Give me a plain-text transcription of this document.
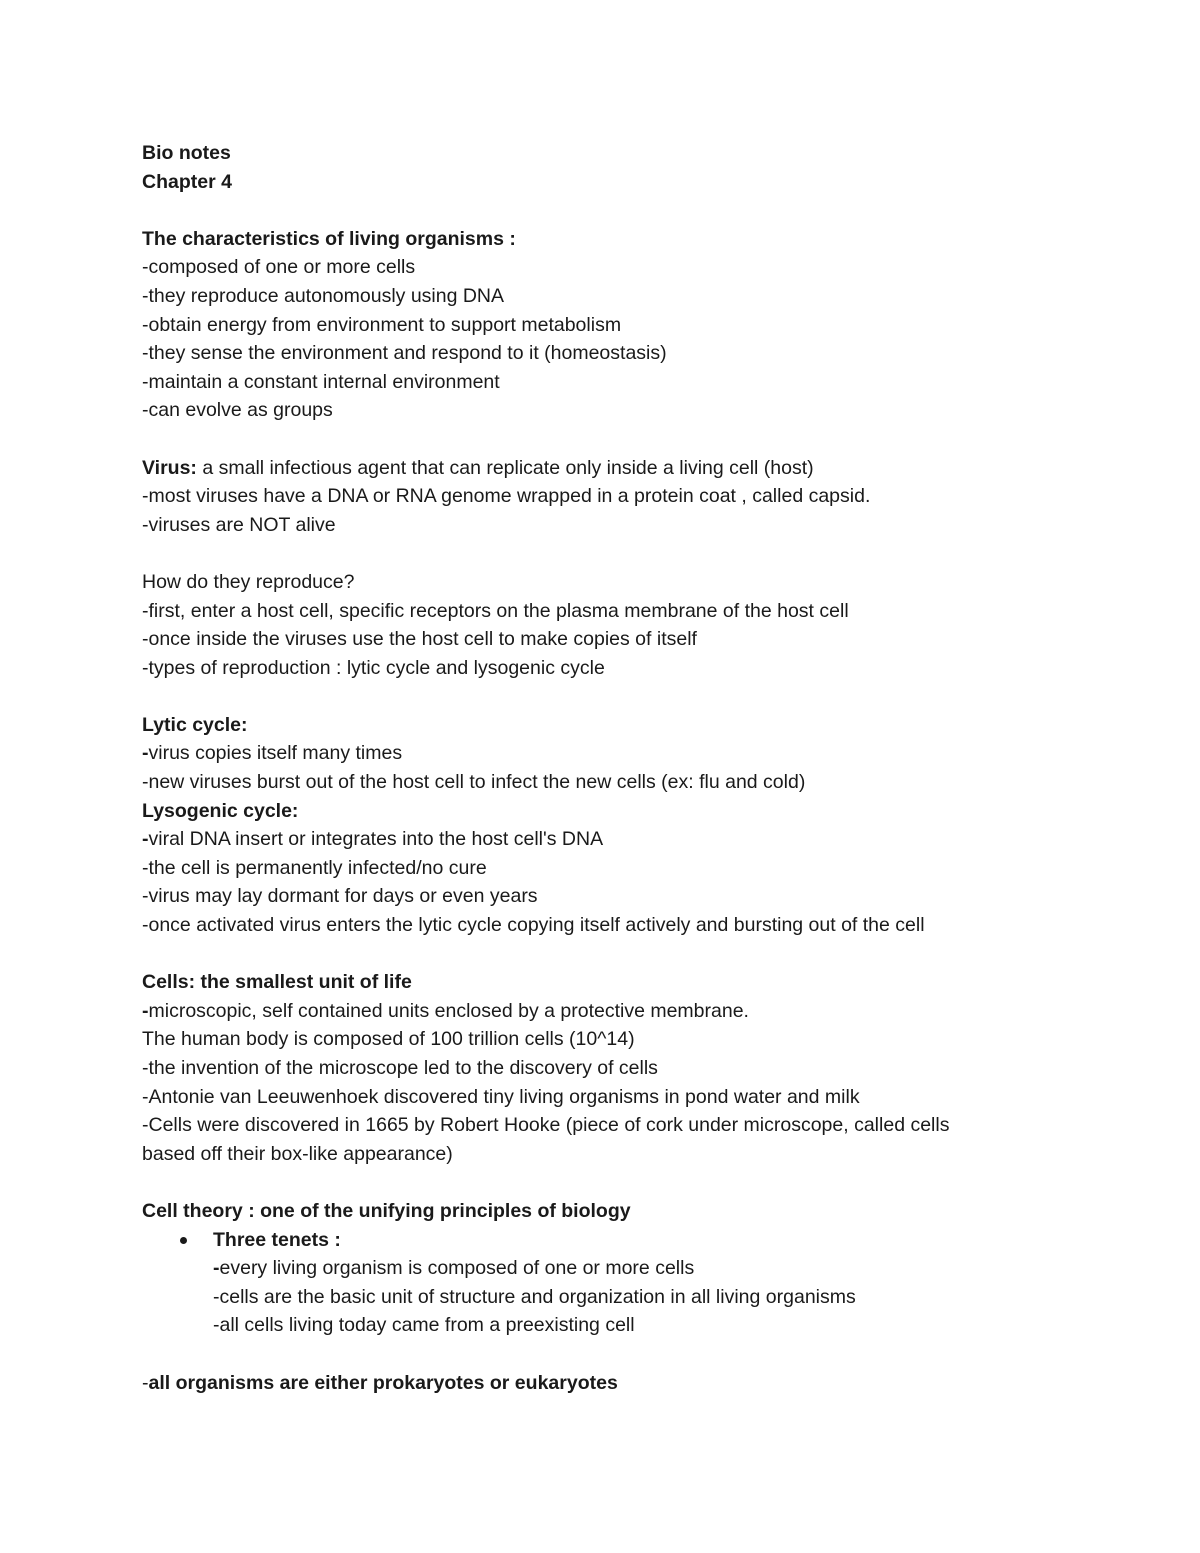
Bio notes
Chapter 4
The characteristics of living organisms :
-composed of one or more cells
-they reproduce autonomously using DNA
-obtain energy from environment to support metabolism
-they sense the environment and respond to it (homeostasis)
-maintain a constant internal environment
-can evolve as groups
Virus: a small infectious agent that can replicate only inside a living cell (host)
-most viruses have a DNA or RNA genome wrapped in a protein coat , called capsid.
-viruses are NOT alive
How do they reproduce?
-first, enter a host cell, specific receptors on the plasma membrane of the host cell
-once inside the viruses use the host cell to make copies of itself
-types of reproduction : lytic cycle and lysogenic cycle
Lytic cycle:
-virus copies itself many times
-new viruses burst out of the host cell to infect the new cells (ex: flu and cold)
Lysogenic cycle:
-viral DNA insert or integrates into the host cell's DNA
-the cell is permanently infected/no cure
-virus may lay dormant for days or even years
-once activated virus enters the lytic cycle copying itself actively and bursting out of the cell
Cells: the smallest unit of life
-microscopic, self contained units enclosed by a protective membrane.
The human body is composed of 100 trillion cells (10^14)
-the invention of the microscope led to the discovery of cells
-Antonie van Leeuwenhoek discovered tiny living organisms in pond water and milk
-Cells were discovered in 1665 by Robert Hooke (piece of cork under microscope, called cells
based off their box-like appearance)
Cell theory : one of the unifying principles of biology
Three tenets :
-every living organism is composed of one or more cells
-cells are the basic unit of structure and organization in all living organisms
-all cells living today came from a preexisting cell
-all organisms are either prokaryotes or eukaryotes
